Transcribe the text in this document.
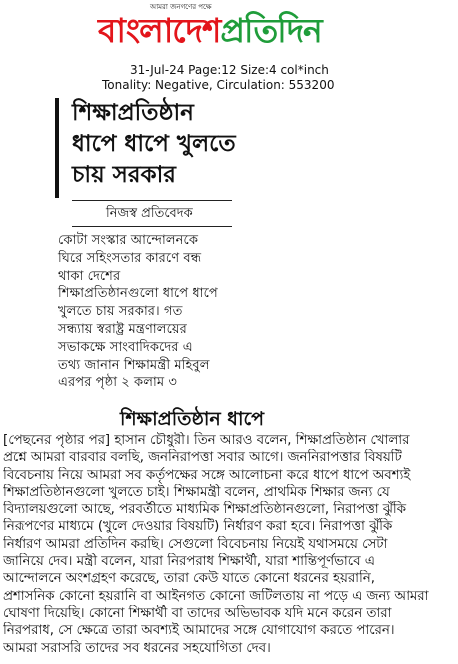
আমরা জনগণের পক্ষে
বাংলাদেশপ্রতিদিন
31-Jul-24 Page:12 Size:4 col*inch
Tonality: Negative, Circulation: 553200
শিক্ষাপ্রতিষ্ঠান
ধাপে ধাপে খুলতে
চায় সরকার
নিজস্ব প্রতিবেদক
কোটা সংস্কার আন্দোলনকে
ঘিরে সহিংসতার কারণে বন্ধ
থাকা দেশের
শিক্ষাপ্রতিষ্ঠানগুলো ধাপে ধাপে
খুলতে চায় সরকার। গত
সন্ধ্যায় স্বরাষ্ট্র মন্ত্রণালয়ের
সভাকক্ষে সাংবাদিকদের এ
তথ্য জানান শিক্ষামন্ত্রী মহিবুল
এরপর পৃষ্ঠা ২ কলাম ৩
শিক্ষাপ্রতিষ্ঠান ধাপে
[পেছনের পৃষ্ঠার পর] হাসান চৌধুরী। তিন আরও বলেন, শিক্ষাপ্রতিষ্ঠান খোলার
প্রশ্নে আমরা বারবার বলছি, জননিরাপত্তা সবার আগে। জননিরাপত্তার বিষয়টি
বিবেচনায় নিয়ে আমরা সব কর্তৃপক্ষের সঙ্গে আলোচনা করে ধাপে ধাপে অবশ্যই
শিক্ষাপ্রতিষ্ঠানগুলো খুলতে চাই। শিক্ষামন্ত্রী বলেন, প্রাথমিক শিক্ষার জন্য যে
বিদ্যালয়গুলো আছে, পরবর্তীতে মাধ্যমিক শিক্ষাপ্রতিষ্ঠানগুলো, নিরাপত্তা ঝুঁকি
নিরূপণের মাধ্যমে (খুলে দেওয়ার বিষয়টি) নির্ধারণ করা হবে। নিরাপত্তা ঝুঁকি
নির্ধারণ আমরা প্রতিদিন করছি। সেগুলো বিবেচনায় নিয়েই যথাসময়ে সেটা
জানিয়ে দেব। মন্ত্রী বলেন, যারা নিরপরাধ শিক্ষার্থী, যারা শান্তিপূর্ণভাবে এ
আন্দোলনে অংশগ্রহণ করেছে, তারা কেউ যাতে কোনো ধরনের হয়রানি,
প্রশাসনিক কোনো হয়রানি বা আইনগত কোনো জটিলতায় না পড়ে এ জন্য আমরা
ঘোষণা দিয়েছি। কোনো শিক্ষার্থী বা তাদের অভিভাবক যদি মনে করেন তারা
নিরপরাধ, সে ক্ষেত্রে তারা অবশ্যই আমাদের সঙ্গে যোগাযোগ করতে পারেন।
আমরা সরাসরি তাদের সব ধরনের সহযোগিতা দেব।
